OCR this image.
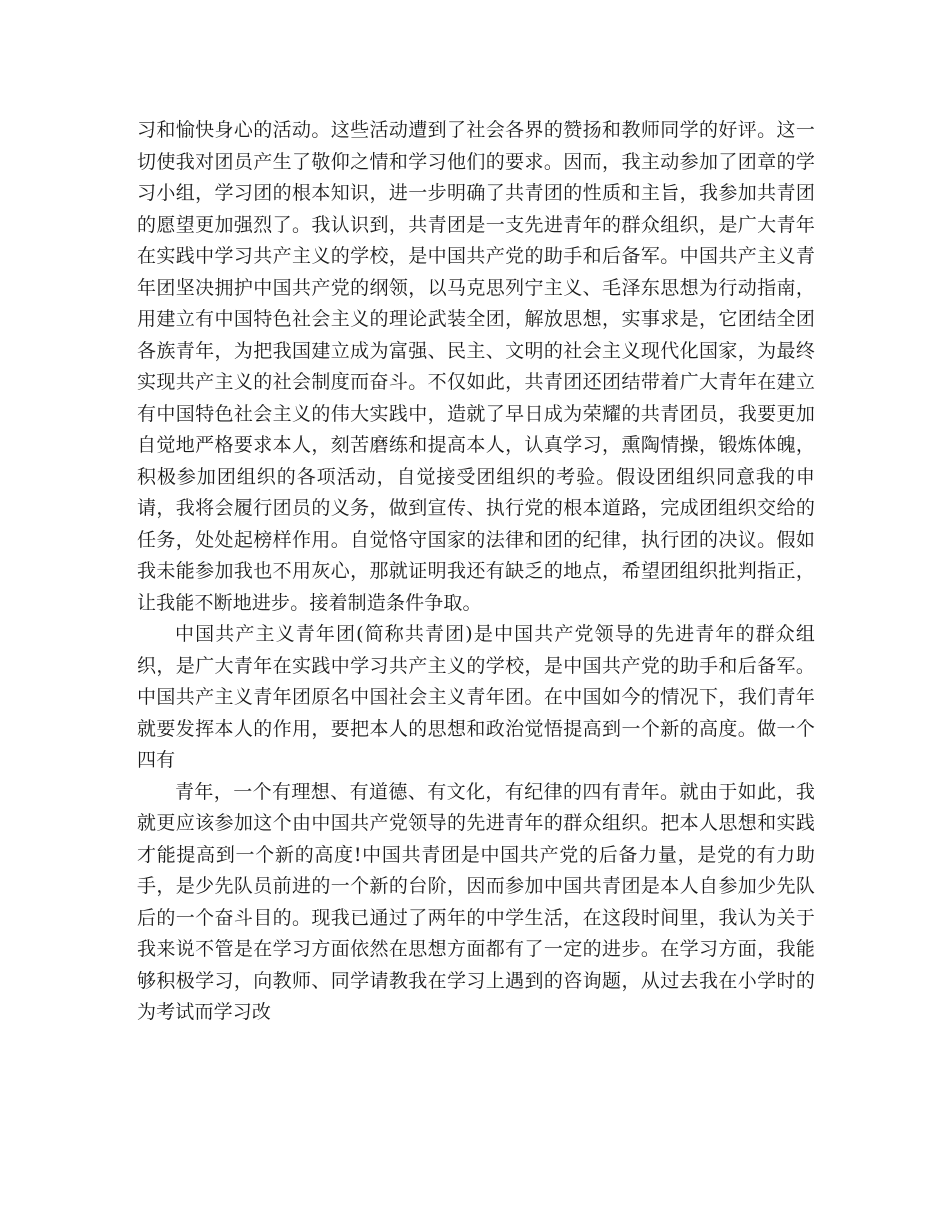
习和愉快身心的活动。这些活动遭到了社会各界的赞扬和教师同学的好评。这一切使我对团员产生了敬仰之情和学习他们的要求。因而，我主动参加了团章的学习小组，学习团的根本知识，进一步明确了共青团的性质和主旨，我参加共青团的愿望更加强烈了。我认识到，共青团是一支先进青年的群众组织，是广大青年在实践中学习共产主义的学校，是中国共产党的助手和后备军。中国共产主义青年团坚决拥护中国共产党的纲领，以马克思列宁主义、毛泽东思想为行动指南，用建立有中国特色社会主义的理论武装全团，解放思想，实事求是，它团结全团各族青年，为把我国建立成为富强、民主、文明的社会主义现代化国家，为最终实现共产主义的社会制度而奋斗。不仅如此，共青团还团结带着广大青年在建立有中国特色社会主义的伟大实践中，造就了早日成为荣耀的共青团员，我要更加自觉地严格要求本人，刻苦磨练和提高本人，认真学习，熏陶情操，锻炼体魄，积极参加团组织的各项活动，自觉接受团组织的考验。假设团组织同意我的申请，我将会履行团员的义务，做到宣传、执行党的根本道路，完成团组织交给的任务，处处起榜样作用。自觉恪守国家的法律和团的纪律，执行团的决议。假如我未能参加我也不用灰心，那就证明我还有缺乏的地点，希望团组织批判指正，让我能不断地进步。接着制造条件争取。

中国共产主义青年团(简称共青团)是中国共产党领导的先进青年的群众组织，是广大青年在实践中学习共产主义的学校，是中国共产党的助手和后备军。中国共产主义青年团原名中国社会主义青年团。在中国如今的情况下，我们青年就要发挥本人的作用，要把本人的思想和政治觉悟提高到一个新的高度。做一个四有

青年，一个有理想、有道德、有文化，有纪律的四有青年。就由于如此，我就更应该参加这个由中国共产党领导的先进青年的群众组织。把本人思想和实践才能提高到一个新的高度!中国共青团是中国共产党的后备力量，是党的有力助手，是少先队员前进的一个新的台阶，因而参加中国共青团是本人自参加少先队后的一个奋斗目的。现我已通过了两年的中学生活，在这段时间里，我认为关于我来说不管是在学习方面依然在思想方面都有了一定的进步。在学习方面，我能够积极学习，向教师、同学请教我在学习上遇到的咨询题，从过去我在小学时的为考试而学习改
